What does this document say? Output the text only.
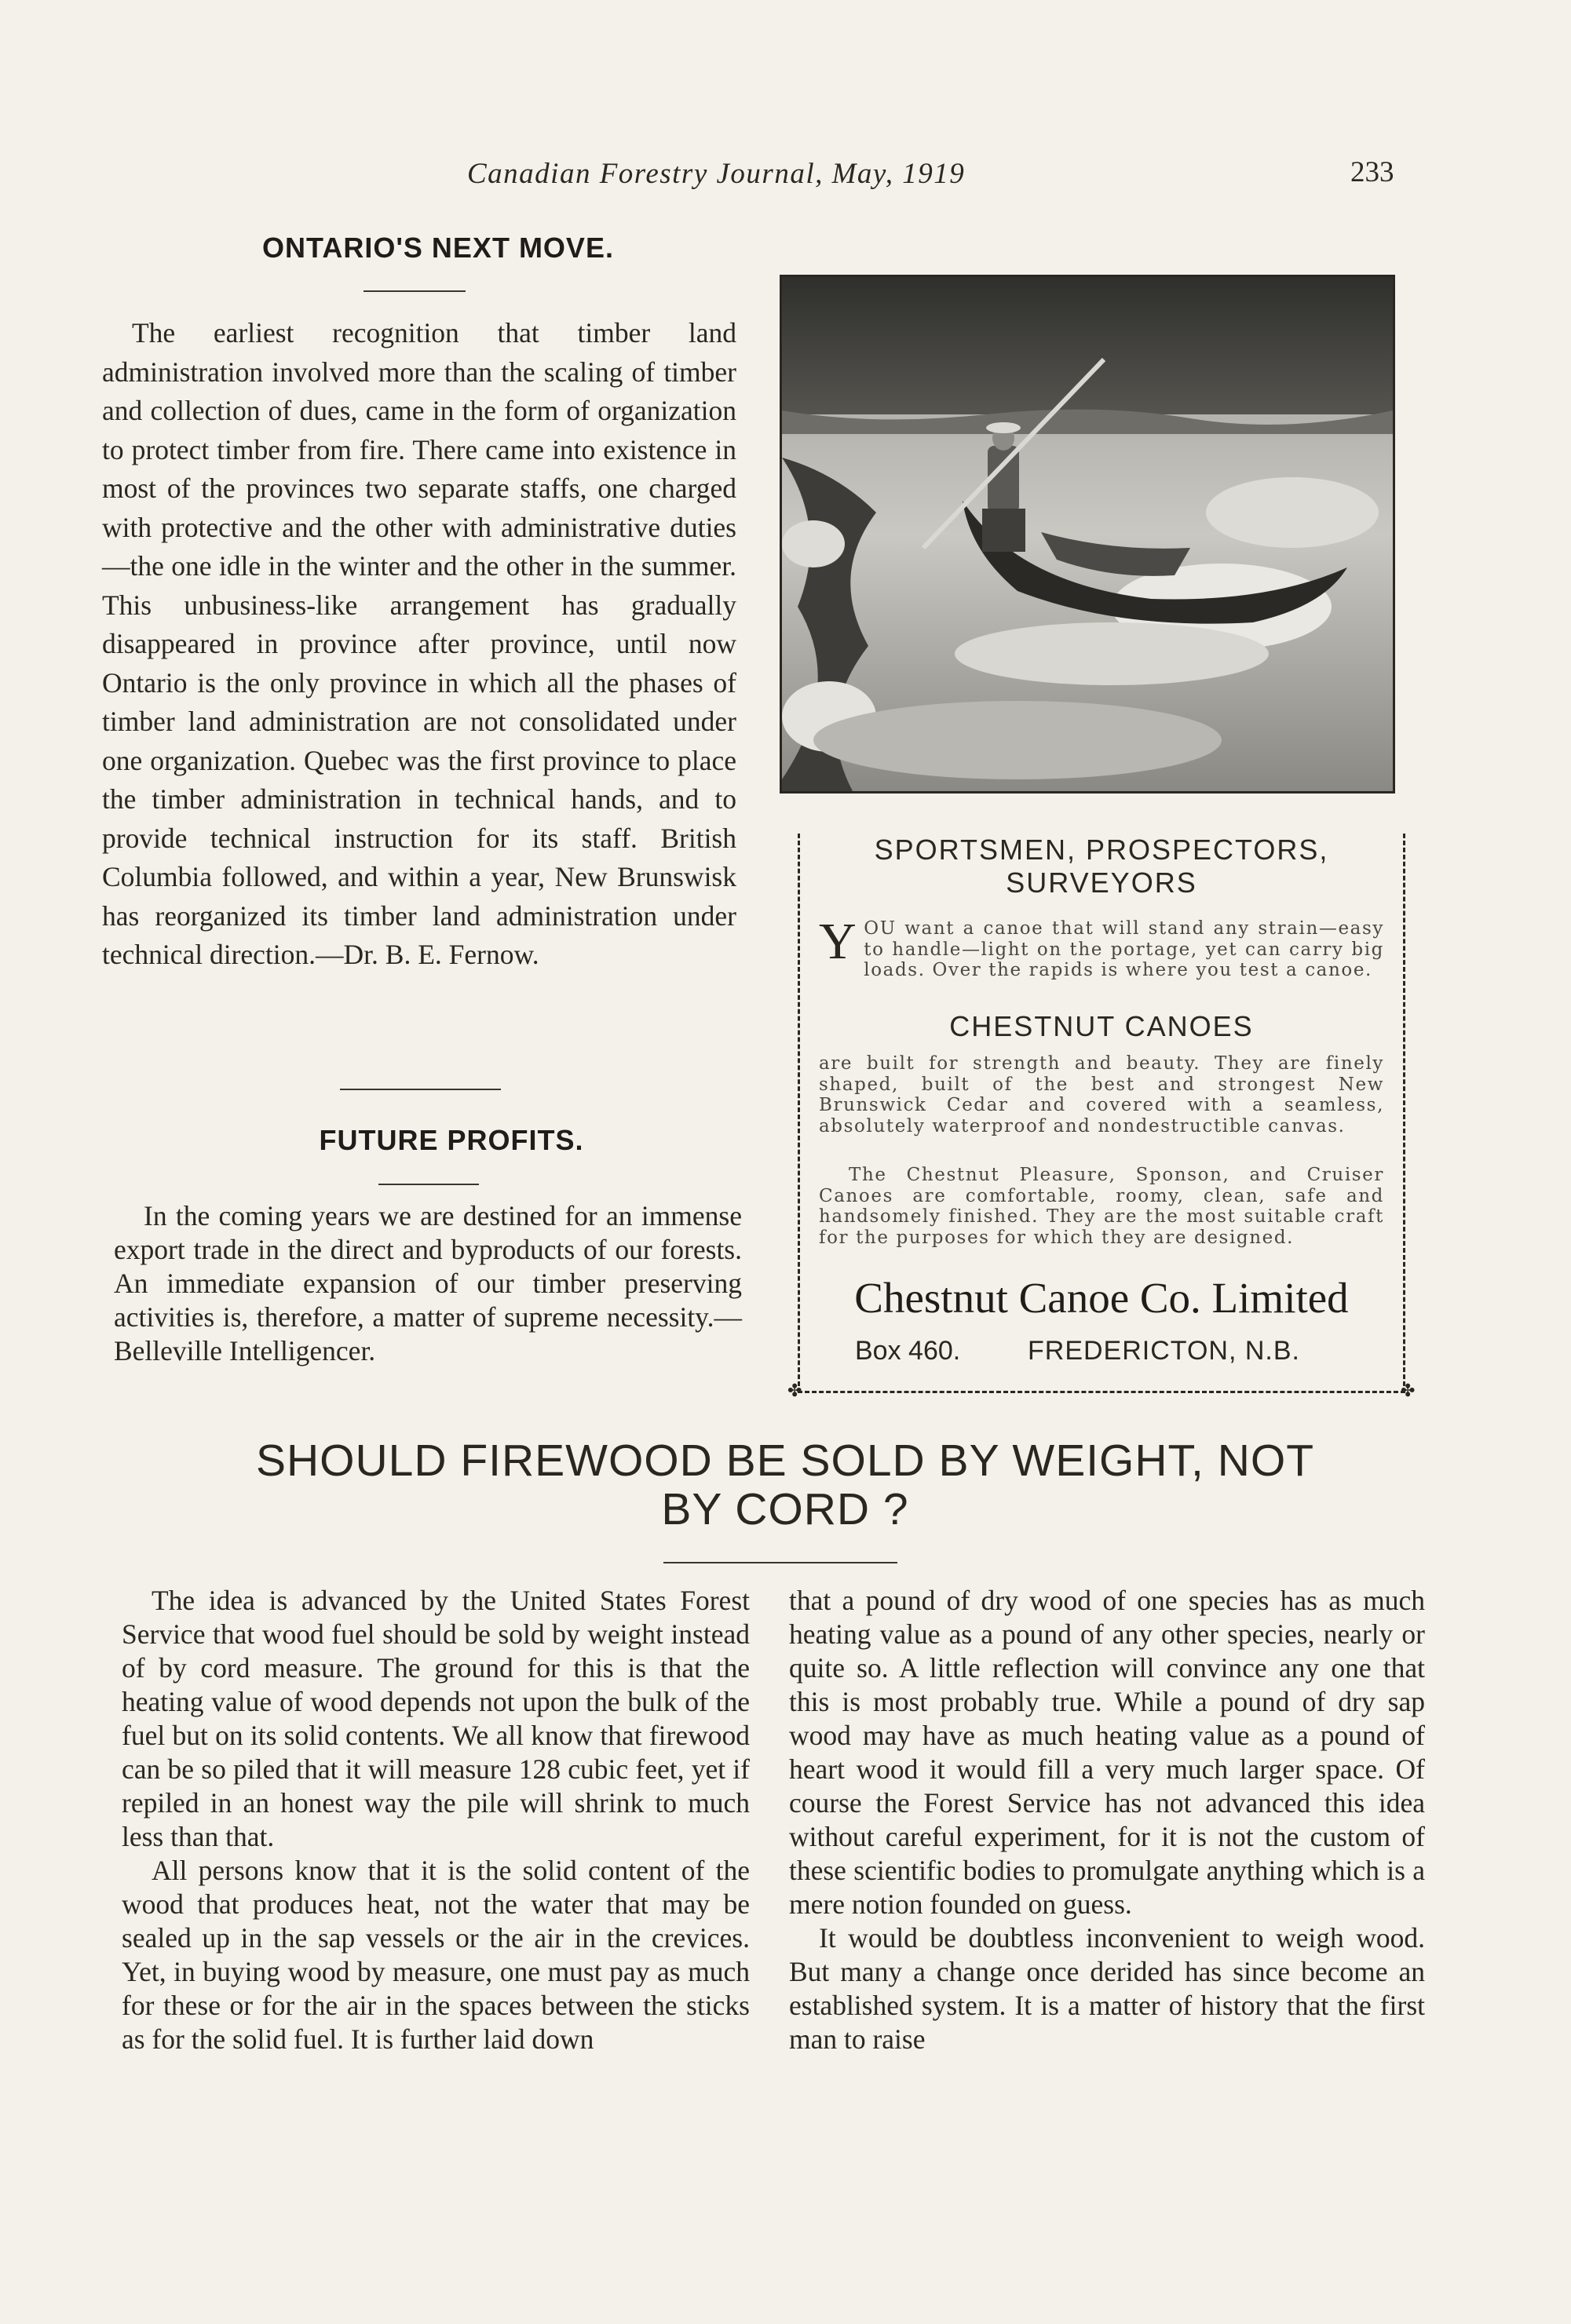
Canadian Forestry Journal, May, 1919	233
ONTARIO'S NEXT MOVE.

The earliest recognition that timber land administration involved more than the scaling of timber and collection of dues, came in the form of organization to protect timber from fire. There came into existence in most of the provinces two separate staffs, one charged with protective and the other with administrative duties —the one idle in the winter and the other in the summer. This unbusiness-like arrangement has gradually disappeared in province after province, until now Ontario is the only province in which all the phases of timber land administration are not consolidated under one organization. Quebec was the first province to place the timber administration in technical hands, and to provide technical instruction for its staff. British Columbia followed, and within a year, New Brunswisk has reorganized its timber land administration under technical direction.—Dr. B. E. Fernow.

FUTURE PROFITS.

In the coming years we are destined for an immense export trade in the direct and byproducts of our forests. An immediate expansion of our timber preserving activities is, therefore, a matter of supreme necessity.— Belleville Intelligencer.

SPORTSMEN, PROSPECTORS,
SURVEYORS
YOU want a canoe that will stand any strain—easy to handle—light on the portage, yet can carry big loads. Over the rapids is where you test a canoe.
CHESTNUT CANOES
are built for strength and beauty. They are finely shaped, built of the best and strongest New Brunswick Cedar and covered with a seamless, absolutely waterproof and nondestructible canvas.
The Chestnut Pleasure, Sponson, and Cruiser Canoes are comfortable, roomy, clean, safe and handsomely finished. They are the most suitable craft for the purposes for which they are designed.
Chestnut Canoe Co. Limited
Box 460.	FREDERICTON, N.B.
✤	✤
SHOULD FIREWOOD BE SOLD BY WEIGHT, NOT
BY CORD ?

The idea is advanced by the United States Forest Service that wood fuel should be sold by weight instead of by cord measure. The ground for this is that the heating value of wood depends not upon the bulk of the fuel but on its solid contents. We all know that firewood can be so piled that it will measure 128 cubic feet, yet if repiled in an honest way the pile will shrink to much less than that.

All persons know that it is the solid content of the wood that produces heat, not the water that may be sealed up in the sap vessels or the air in the crevices. Yet, in buying wood by measure, one must pay as much for these or for the air in the spaces between the sticks as for the solid fuel. It is further laid down

that a pound of dry wood of one species has as much heating value as a pound of any other species, nearly or quite so. A little reflection will convince any one that this is most probably true. While a pound of dry sap wood may have as much heating value as a pound of heart wood it would fill a very much larger space. Of course the Forest Service has not advanced this idea without careful experiment, for it is not the custom of these scientific bodies to promulgate anything which is a mere notion founded on guess.

It would be doubtless inconvenient to weigh wood. But many a change once derided has since become an established system. It is a matter of history that the first man to raise
